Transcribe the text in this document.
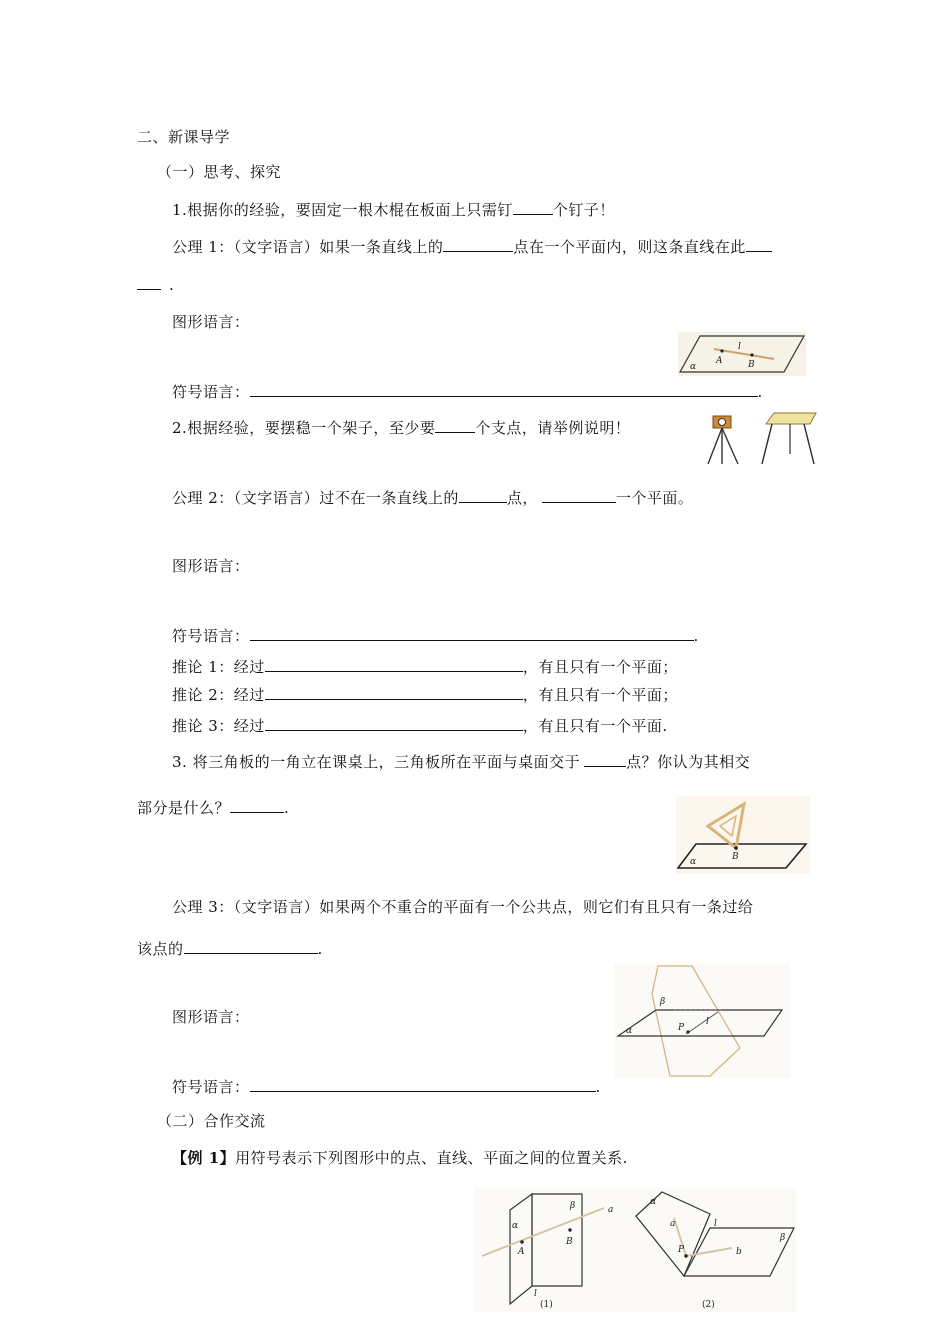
二、新课导学
（一）思考、探究
1.根据你的经验，要固定一根木棍在板面上只需钉	个钉子！
公理 1：（文字语言）如果一条直线上的	点在一个平面内，则这条直线在此
.
图形语言：
l
A	B
α
符号语言：	.
2.根据经验，要摆稳一个架子，至少要	个支点，请举例说明！
公理 2：（文字语言）过不在一条直线上的	点，	一个平面。
图形语言：
符号语言：	.
推论 1：经过	，有且只有一个平面；
推论 2：经过	，有且只有一个平面；
推论 3：经过	，有且只有一个平面.
3. 将三角板的一角立在课桌上，三角板所在平面与桌面交于	点？你认为其相交
部分是什么？	.
B
α
公理 3：（文字语言）如果两个不重合的平面有一个公共点，则它们有且只有一条过给
该点的	.
图形语言：
β
P
l
α
符号语言：	.
（二）合作交流
【例 1】用符号表示下列图形中的点、直线、平面之间的位置关系.
α
β
A
B
a
l
(1)
α
a	l
P	b
β
(2)
